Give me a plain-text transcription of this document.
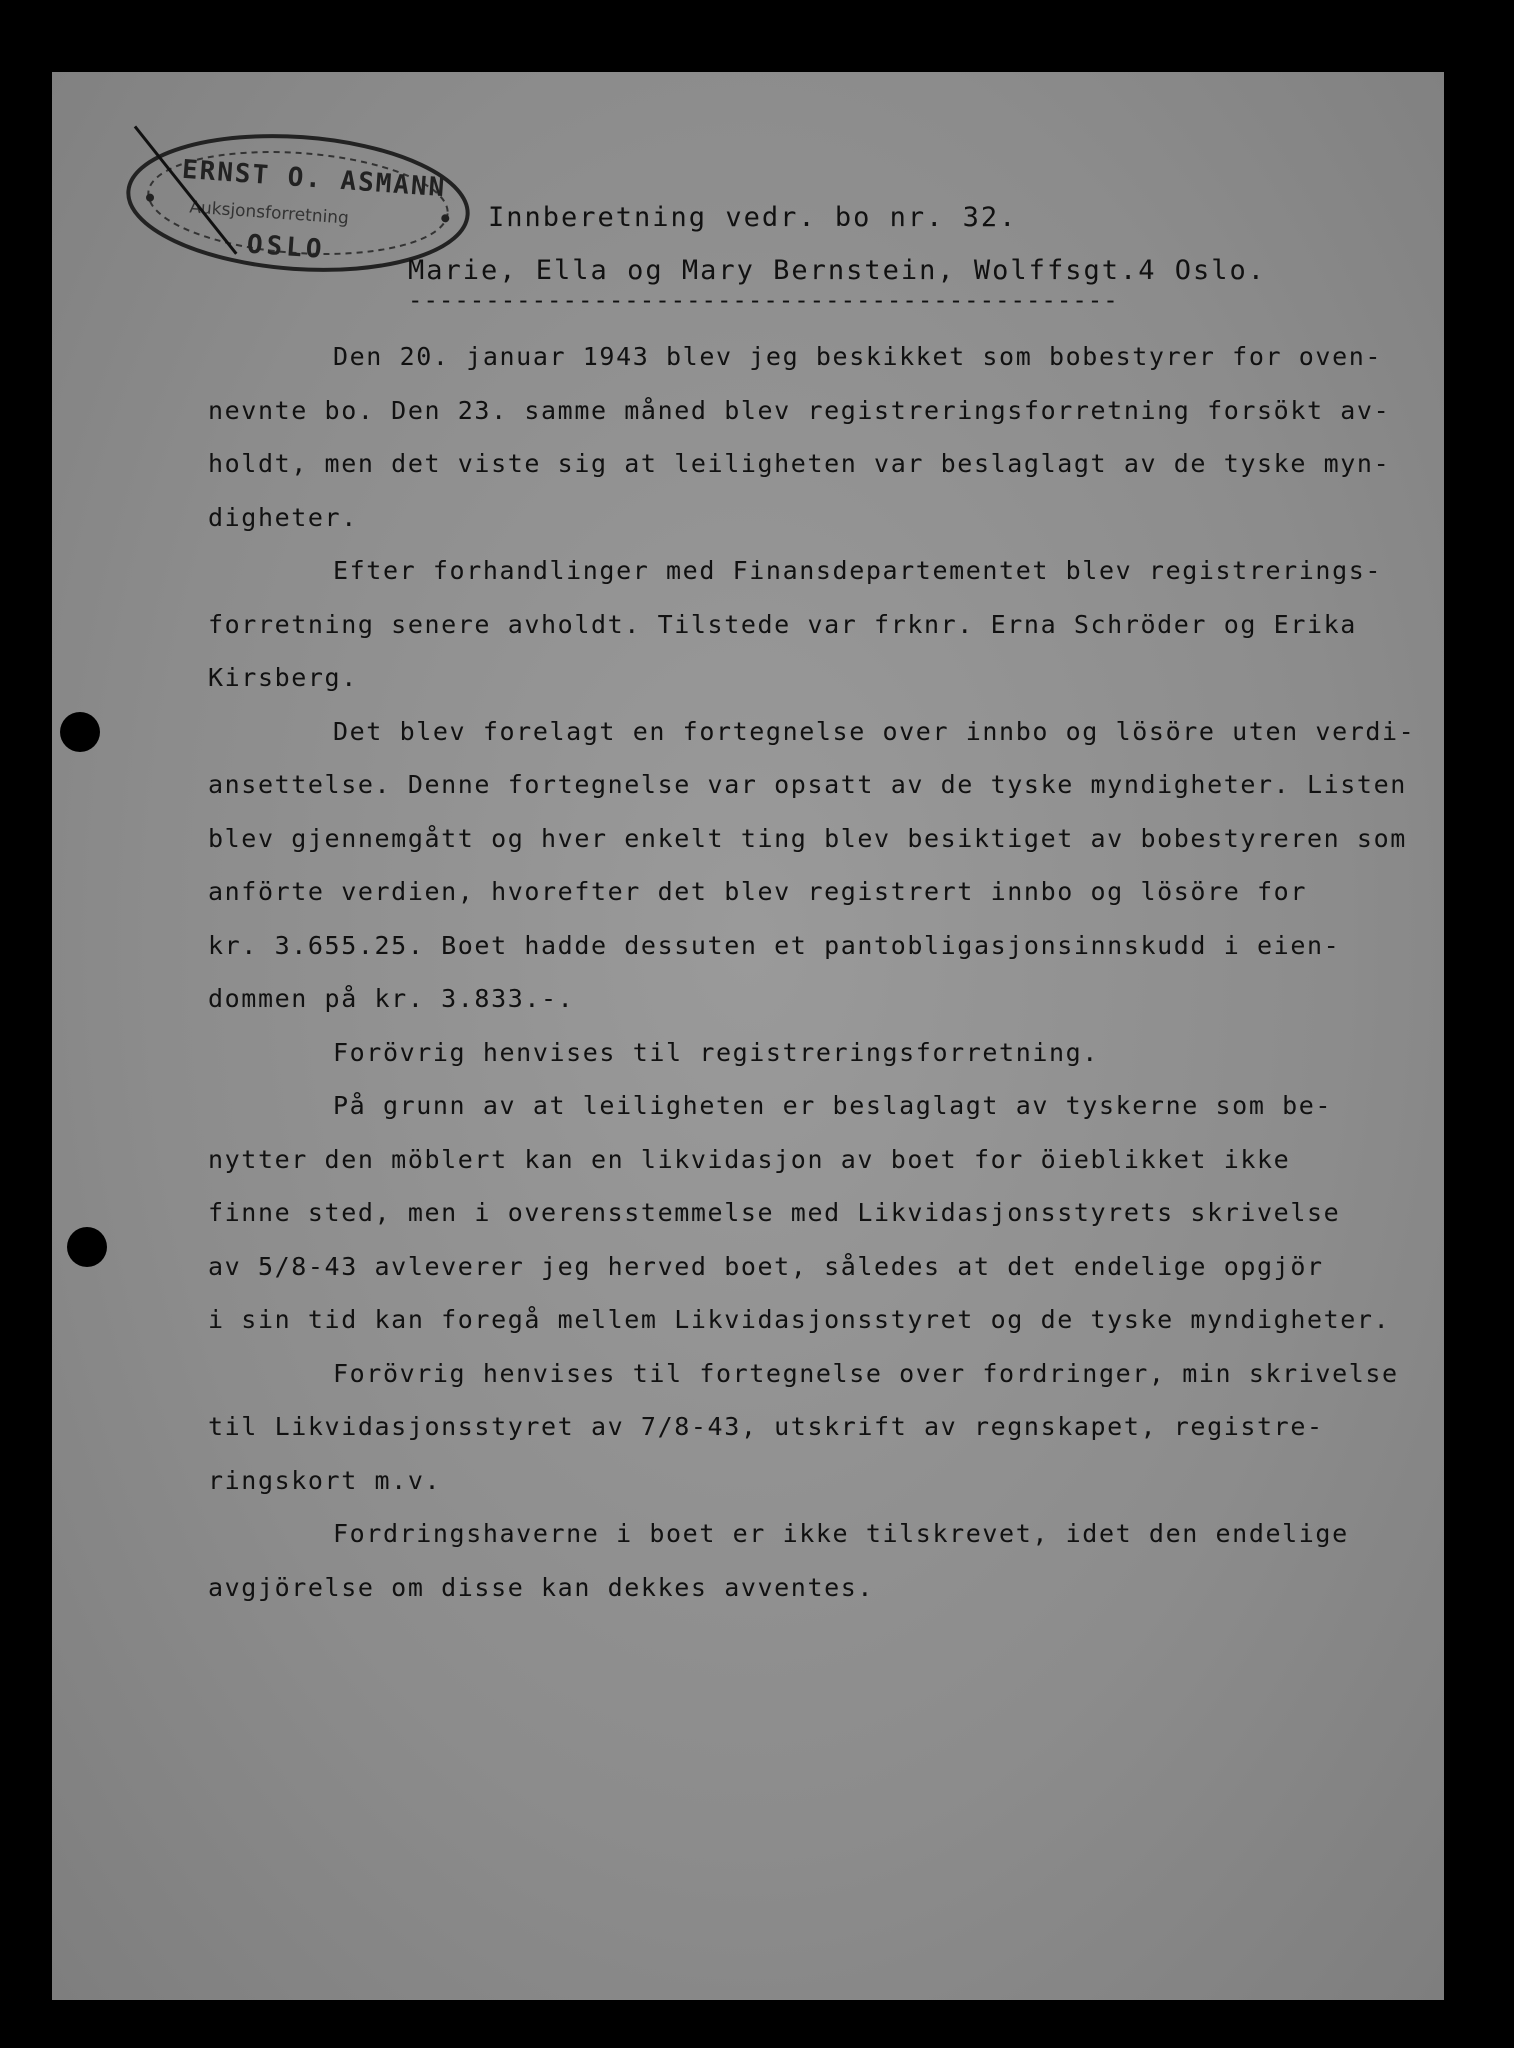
ERNST O. ASMANN
Auksjonsforretning
OSLO
Innberetning vedr. bo nr. 32.
Marie, Ella og Mary Bernstein, Wolffsgt.4 Oslo.
----------------------------------------------
Den 20. januar 1943 blev jeg beskikket som bobestyrer for oven-
nevnte bo. Den 23. samme måned blev registreringsforretning forsökt av-
holdt, men det viste sig at leiligheten var beslaglagt av de tyske myn-
digheter.
Efter forhandlinger med Finansdepartementet blev registrerings-
forretning senere avholdt. Tilstede var frknr. Erna Schröder og Erika
Kirsberg.
Det blev forelagt en fortegnelse over innbo og lösöre uten verdi-
ansettelse. Denne fortegnelse var opsatt av de tyske myndigheter. Listen
blev gjennemgått og hver enkelt ting blev besiktiget av bobestyreren som
anförte verdien, hvorefter det blev registrert innbo og lösöre for
kr. 3.655.25. Boet hadde dessuten et pantobligasjonsinnskudd i eien-
dommen på kr. 3.833.-.
Forövrig henvises til registreringsforretning.
På grunn av at leiligheten er beslaglagt av tyskerne som be-
nytter den möblert kan en likvidasjon av boet for öieblikket ikke
finne sted, men i overensstemmelse med Likvidasjonsstyrets skrivelse
av 5/8-43 avleverer jeg herved boet, således at det endelige opgjör
i sin tid kan foregå mellem Likvidasjonsstyret og de tyske myndigheter.
Forövrig henvises til fortegnelse over fordringer, min skrivelse
til Likvidasjonsstyret av 7/8-43, utskrift av regnskapet, registre-
ringskort m.v.
Fordringshaverne i boet er ikke tilskrevet, idet den endelige
avgjörelse om disse kan dekkes avventes.
